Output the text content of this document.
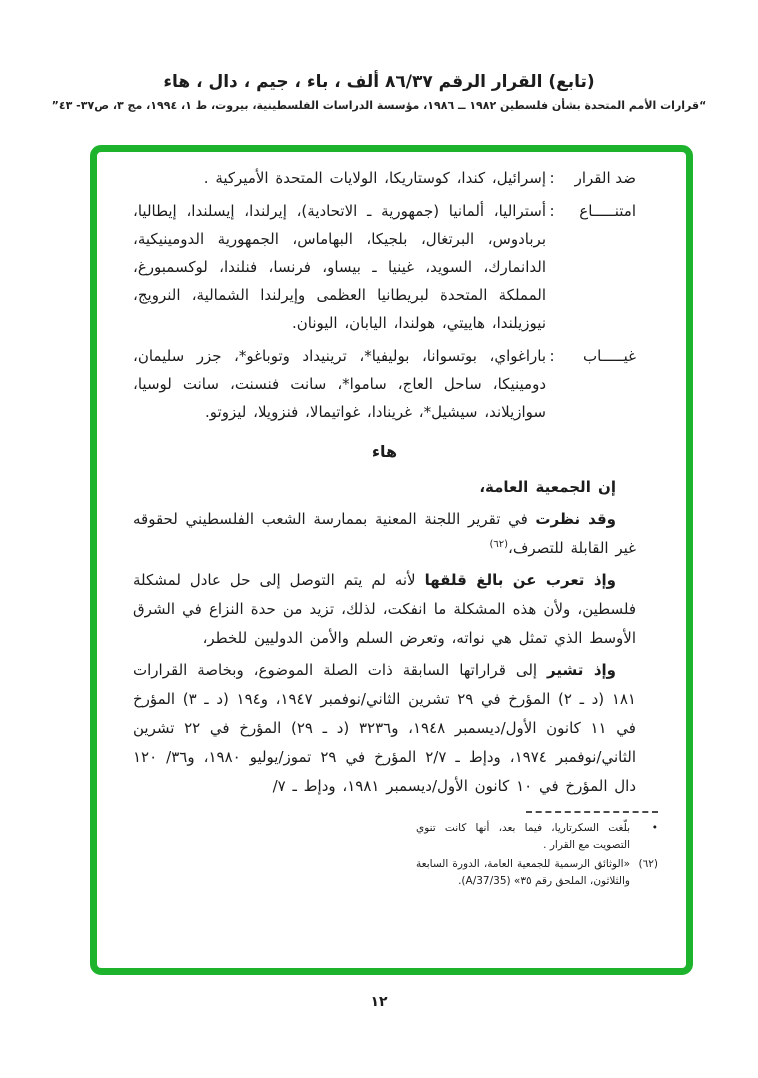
(تابع) القرار الرقم ٨٦/٣٧ ألف ، باء ، جيم ، دال ، هاء
“قرارات الأمم المتحدة بشأن فلسطين ١٩٨٢ ــ ١٩٨٦، مؤسسة الدراسات الفلسطينية، بيروت، ط ١، ١٩٩٤، مج ٣، ص٣٧- ٤٣”
ضد القرار
:
إسرائيل، كندا، كوستاريكا، الولايات المتحدة الأميركية .
امتنـــــاع
:
أستراليا، ألمانيا (جمهورية ـ الاتحادية)، إيرلندا، إيسلندا، إيطاليا، بربادوس، البرتغال، بلجيكا، البهاماس، الجمهورية الدومينيكية، الدانمارك، السويد، غينيا ـ بيساو، فرنسا، فنلندا، لوكسمبورغ، المملكة المتحدة لبريطانيا العظمى وإيرلندا الشمالية، النرويج، نيوزيلندا، هاييتي، هولندا، اليابان، اليونان.
غيـــــاب
:
باراغواي، بوتسوانا، بوليفيا*، ترينيداد وتوباغو*، جزر سليمان، دومينيكا، ساحل العاج، ساموا*، سانت فنسنت، سانت لوسيا، سوازيلاند، سيشيل*، غرينادا، غواتيمالا، فنزويلا، ليزوتو.
هاء

إن الجمعية العامة،

وقد نظرت في تقرير اللجنة المعنية بممارسة الشعب الفلسطيني لحقوقه غير القابلة للتصرف،$^{(٦٢)}$

وإذ تعرب عن بالغ قلقها لأنه لم يتم التوصل إلى حل عادل لمشكلة فلسطين، ولأن هذه المشكلة ما انفكت، لذلك، تزيد من حدة النزاع في الشرق الأوسط الذي تمثل هي نواته، وتعرض السلم والأمن الدوليين للخطر،

وإذ تشير إلى قراراتها السابقة ذات الصلة الموضوع، وبخاصة القرارات ١٨١ (د ـ ٢) المؤرخ في ٢٩ تشرين الثاني/نوفمبر ١٩٤٧، و١٩٤ (د ـ ٣) المؤرخ في ١١ كانون الأول/ديسمبر ١٩٤٨، و٣٢٣٦ (د ـ ٢٩) المؤرخ في ٢٢ تشرين الثاني/نوفمبر ١٩٧٤، ودإط ـ ٢/٧ المؤرخ في ٢٩ تموز/يوليو ١٩٨٠، و٣٦/ ١٢٠ دال المؤرخ في ١٠ كانون الأول/ديسمبر ١٩٨١، ودإط ـ ٧/

•
بلّغت السكرتاريا، فيما بعد، أنها كانت تنوي التصويت مع القرار .
(٦٢)
«الوثائق الرسمية للجمعية العامة، الدورة السابعة والثلاثون، الملحق رقم ٣٥» (A/37/35).
١٢
